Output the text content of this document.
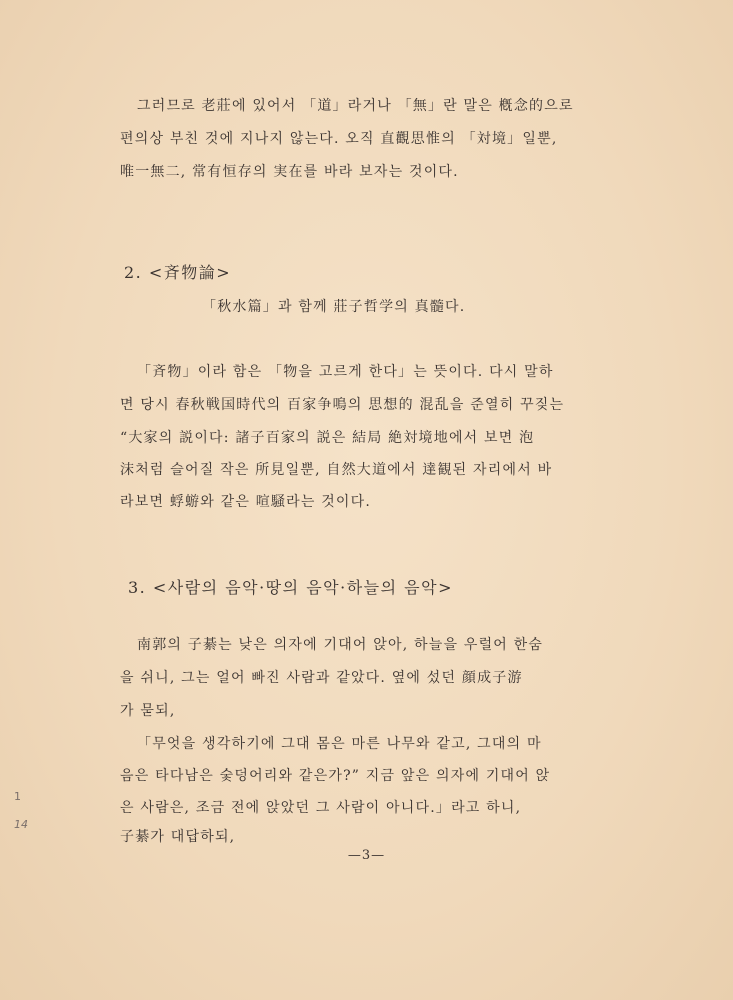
그러므로 老莊에 있어서 「道」라거나 「無」란 말은 槪念的으로
편의상 부친 것에 지나지 않는다. 오직 直觀思惟의 「対境」일뿐,
唯一無二, 常有恒存의 実在를 바라 보자는 것이다.
2. <斉物論>
「秋水篇」과 함께 莊子哲学의 真髓다.
「斉物」이라 함은 「物을 고르게 한다」는 뜻이다. 다시 말하
면 당시 春秋戦国時代의 百家争鳴의 思想的 混乱을 준열히 꾸짖는
“大家의 説이다: 諸子百家의 説은 結局 絶対境地에서 보면 泡
沫처럼 슬어질 작은 所見일뿐, 自然大道에서 達観된 자리에서 바
라보면 蜉蝣와 같은 喧騒라는 것이다.
3. <사람의 음악·땅의 음악·하늘의 음악>
南郭의 子綦는 낮은 의자에 기대어 앉아, 하늘을 우럴어 한숨
을 쉬니, 그는 얼어 빠진 사람과 같았다. 옆에 섰던 顔成子游
가 묻되,
「무엇을 생각하기에 그대 몸은 마른 나무와 같고, 그대의 마
음은 타다남은 숯덩어리와 같은가?” 지금 앞은 의자에 기대어 앉
은 사람은, 조금 전에 앉았던 그 사람이 아니다.」라고 하니,
子綦가 대답하되,
1
14
—3—
